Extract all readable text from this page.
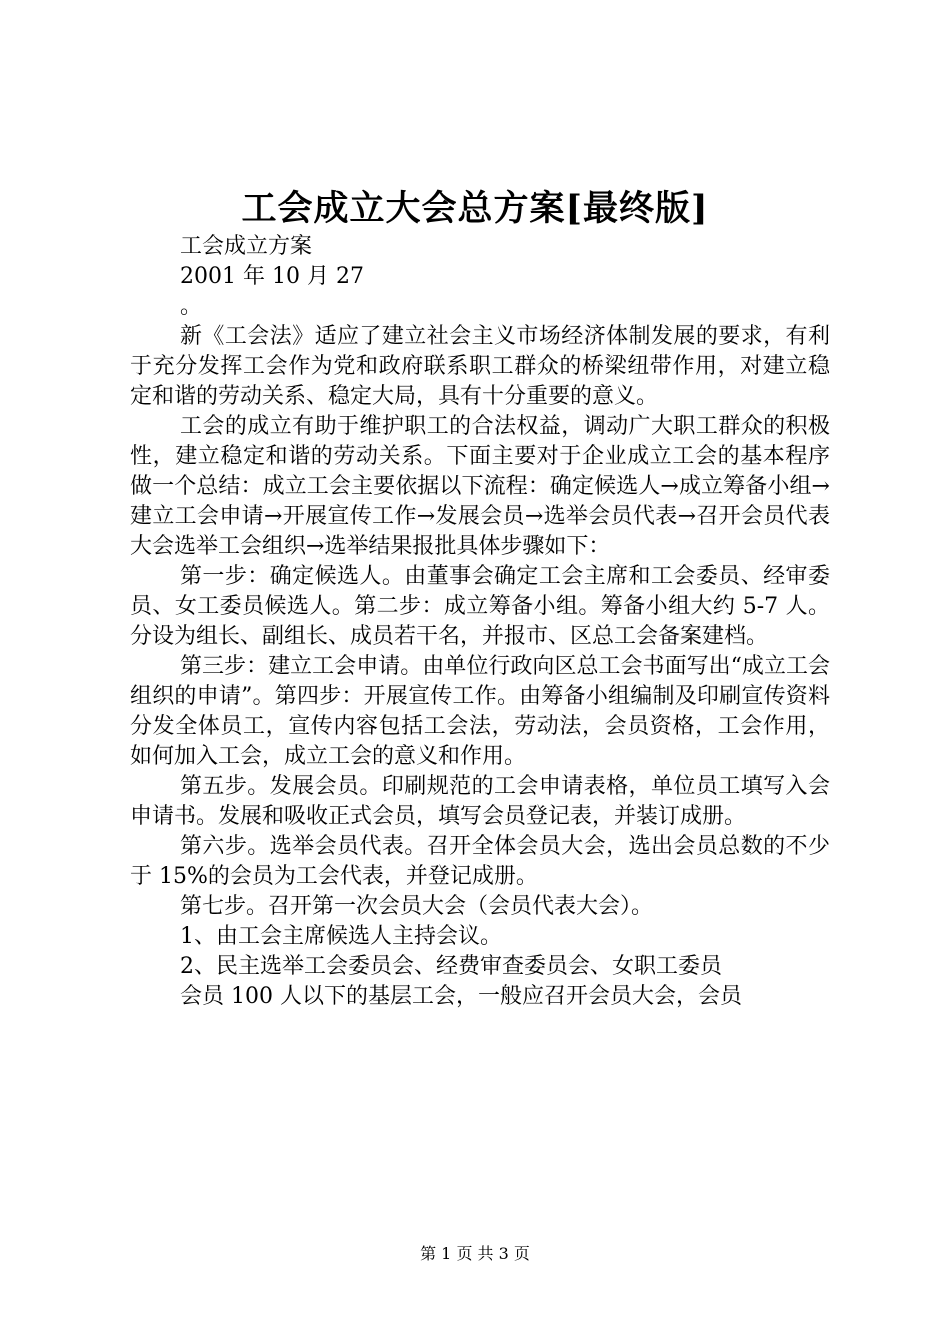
工会成立大会总方案[最终版]

工会成立方案

2001 年 10 月 27

。

新《工会法》适应了建立社会主义市场经济体制发展的要求，有利于充分发挥工会作为党和政府联系职工群众的桥梁纽带作用，对建立稳定和谐的劳动关系、稳定大局，具有十分重要的意义。

工会的成立有助于维护职工的合法权益，调动广大职工群众的积极性，建立稳定和谐的劳动关系。下面主要对于企业成立工会的基本程序做一个总结：成立工会主要依据以下流程：确定候选人→成立筹备小组→建立工会申请→开展宣传工作→发展会员→选举会员代表→召开会员代表大会选举工会组织→选举结果报批具体步骤如下：

第一步：确定候选人。由董事会确定工会主席和工会委员、经审委员、女工委员候选人。第二步：成立筹备小组。筹备小组大约 5-7 人。分设为组长、副组长、成员若干名，并报市、区总工会备案建档。

第三步：建立工会申请。由单位行政向区总工会书面写出“成立工会组织的申请”。第四步：开展宣传工作。由筹备小组编制及印刷宣传资料分发全体员工，宣传内容包括工会法，劳动法，会员资格，工会作用，如何加入工会，成立工会的意义和作用。

第五步。发展会员。印刷规范的工会申请表格，单位员工填写入会申请书。发展和吸收正式会员，填写会员登记表，并装订成册。

第六步。选举会员代表。召开全体会员大会，选出会员总数的不少于 15%的会员为工会代表，并登记成册。

第七步。召开第一次会员大会（会员代表大会）。

1、由工会主席候选人主持会议。

2、民主选举工会委员会、经费审查委员会、女职工委员

会员 100 人以下的基层工会，一般应召开会员大会，会员

第 1 页 共 3 页
